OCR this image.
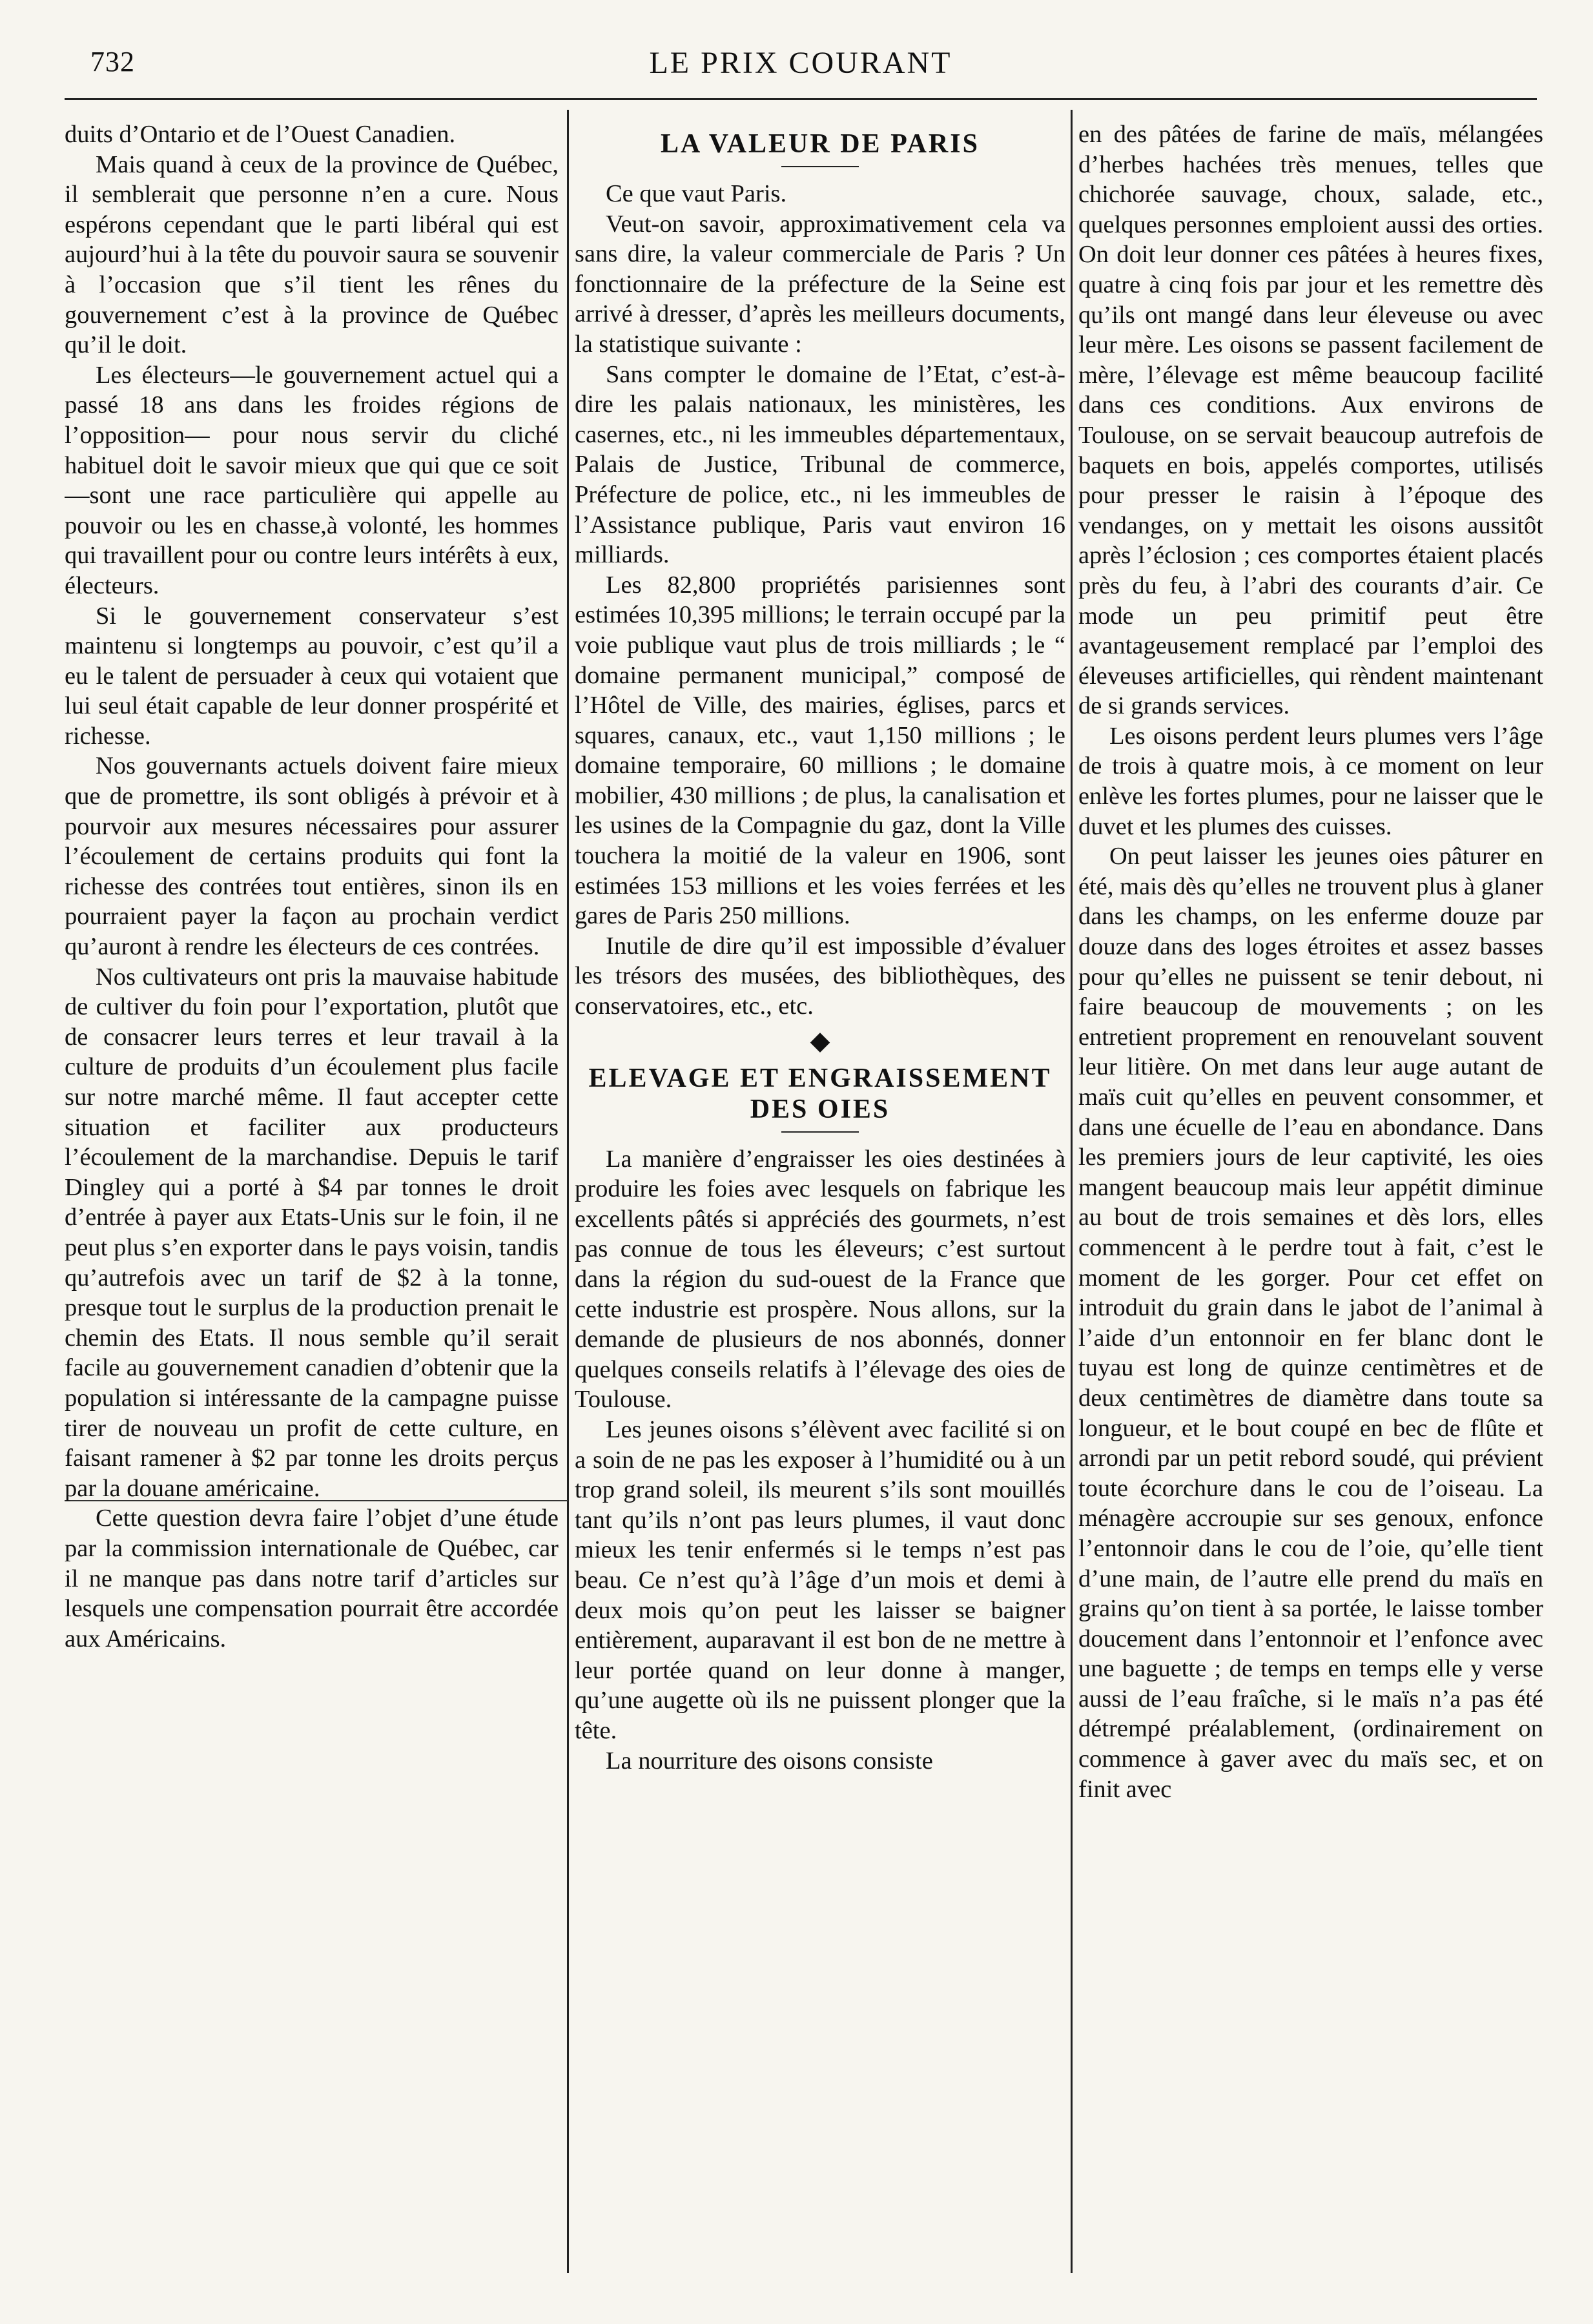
732	LE PRIX COURANT

duits d’Ontario et de l’Ouest Canadien.

Mais quand à ceux de la province de Québec, il semblerait que personne n’en a cure. Nous espérons cependant que le parti libéral qui est aujourd’hui à la tête du pouvoir saura se souvenir à l’occasion que s’il tient les rênes du gouvernement c’est à la province de Québec qu’il le doit.

Les électeurs—le gouvernement actuel qui a passé 18 ans dans les froides régions de l’opposition— pour nous servir du cliché habituel doit le savoir mieux que qui que ce soit—sont une race particulière qui appelle au pouvoir ou les en chasse,à volonté, les hommes qui travaillent pour ou contre leurs intérêts à eux, électeurs.

Si le gouvernement conservateur s’est maintenu si longtemps au pouvoir, c’est qu’il a eu le talent de persuader à ceux qui votaient que lui seul était capable de leur donner prospérité et richesse.

Nos gouvernants actuels doivent faire mieux que de promettre, ils sont obligés à prévoir et à pourvoir aux mesures nécessaires pour assurer l’écoulement de certains produits qui font la richesse des contrées tout entières, sinon ils en pourraient payer la façon au prochain verdict qu’auront à rendre les électeurs de ces contrées.

Nos cultivateurs ont pris la mauvaise habitude de cultiver du foin pour l’exportation, plutôt que de consacrer leurs terres et leur travail à la culture de produits d’un écoulement plus facile sur notre marché même. Il faut accepter cette situation et faciliter aux producteurs l’écoulement de la marchandise. Depuis le tarif Dingley qui a porté à $4 par tonnes le droit d’entrée à payer aux Etats-Unis sur le foin, il ne peut plus s’en exporter dans le pays voisin, tandis qu’autrefois avec un tarif de $2 à la tonne, presque tout le surplus de la production prenait le chemin des Etats. Il nous semble qu’il serait facile au gouvernement canadien d’obtenir que la population si intéressante de la campagne puisse tirer de nouveau un profit de cette culture, en faisant ramener à $2 par tonne les droits perçus par la douane américaine.

Cette question devra faire l’objet d’une étude par la commission internationale de Québec, car il ne manque pas dans notre tarif d’articles sur lesquels une compensation pourrait être accordée aux Américains.

LA VALEUR DE PARIS

Ce que vaut Paris.

Veut-on savoir, approximativement cela va sans dire, la valeur commerciale de Paris ? Un fonctionnaire de la préfecture de la Seine est arrivé à dresser, d’après les meilleurs documents, la statistique suivante :

Sans compter le domaine de l’Etat, c’est-à-dire les palais nationaux, les ministères, les casernes, etc., ni les immeubles départementaux, Palais de Justice, Tribunal de commerce, Préfecture de police, etc., ni les immeubles de l’Assistance publique, Paris vaut environ 16 milliards.

Les 82,800 propriétés parisiennes sont estimées 10,395 millions; le terrain occupé par la voie publique vaut plus de trois milliards ; le “ domaine permanent municipal,” composé de l’Hôtel de Ville, des mairies, églises, parcs et squares, canaux, etc., vaut 1,150 millions ; le domaine temporaire, 60 millions ; le domaine mobilier, 430 millions ; de plus, la canalisation et les usines de la Compagnie du gaz, dont la Ville touchera la moitié de la valeur en 1906, sont estimées 153 millions et les voies ferrées et les gares de Paris 250 millions.

Inutile de dire qu’il est impossible d’évaluer les trésors des musées, des bibliothèques, des conservatoires, etc., etc.

◆
ELEVAGE ET ENGRAISSEMENT DES OIES

La manière d’engraisser les oies destinées à produire les foies avec lesquels on fabrique les excellents pâtés si appréciés des gourmets, n’est pas connue de tous les éleveurs; c’est surtout dans la région du sud-ouest de la France que cette industrie est prospère. Nous allons, sur la demande de plusieurs de nos abonnés, donner quelques conseils relatifs à l’élevage des oies de Toulouse.

Les jeunes oisons s’élèvent avec facilité si on a soin de ne pas les exposer à l’humidité ou à un trop grand soleil, ils meurent s’ils sont mouillés tant qu’ils n’ont pas leurs plumes, il vaut donc mieux les tenir enfermés si le temps n’est pas beau. Ce n’est qu’à l’âge d’un mois et demi à deux mois qu’on peut les laisser se baigner entièrement, auparavant il est bon de ne mettre à leur portée quand on leur donne à manger, qu’une augette où ils ne puissent plonger que la tête.

La nourriture des oisons consiste

en des pâtées de farine de maïs, mélangées d’herbes hachées très menues, telles que chichorée sauvage, choux, salade, etc., quelques personnes emploient aussi des orties. On doit leur donner ces pâtées à heures fixes, quatre à cinq fois par jour et les remettre dès qu’ils ont mangé dans leur éleveuse ou avec leur mère. Les oisons se passent facilement de mère, l’élevage est même beaucoup facilité dans ces conditions. Aux environs de Toulouse, on se servait beaucoup autrefois de baquets en bois, appelés comportes, utilisés pour presser le raisin à l’époque des vendanges, on y mettait les oisons aussitôt après l’éclosion ; ces comportes étaient placés près du feu, à l’abri des courants d’air. Ce mode un peu primitif peut être avantageusement remplacé par l’emploi des éleveuses artificielles, qui rèndent maintenant de si grands services.

Les oisons perdent leurs plumes vers l’âge de trois à quatre mois, à ce moment on leur enlève les fortes plumes, pour ne laisser que le duvet et les plumes des cuisses.

On peut laisser les jeunes oies pâturer en été, mais dès qu’elles ne trouvent plus à glaner dans les champs, on les enferme douze par douze dans des loges étroites et assez basses pour qu’elles ne puissent se tenir debout, ni faire beaucoup de mouvements ; on les entretient proprement en renouvelant souvent leur litière. On met dans leur auge autant de maïs cuit qu’elles en peuvent consommer, et dans une écuelle de l’eau en abondance. Dans les premiers jours de leur captivité, les oies mangent beaucoup mais leur appétit diminue au bout de trois semaines et dès lors, elles commencent à le perdre tout à fait, c’est le moment de les gorger. Pour cet effet on introduit du grain dans le jabot de l’animal à l’aide d’un entonnoir en fer blanc dont le tuyau est long de quinze centimètres et de deux centimètres de diamètre dans toute sa longueur, et le bout coupé en bec de flûte et arrondi par un petit rebord soudé, qui prévient toute écorchure dans le cou de l’oiseau. La ménagère accroupie sur ses genoux, enfonce l’entonnoir dans le cou de l’oie, qu’elle tient d’une main, de l’autre elle prend du maïs en grains qu’on tient à sa portée, le laisse tomber doucement dans l’entonnoir et l’enfonce avec une baguette ; de temps en temps elle y verse aussi de l’eau fraîche, si le maïs n’a pas été détrempé préalablement, (ordinairement on commence à gaver avec du maïs sec, et on finit avec
